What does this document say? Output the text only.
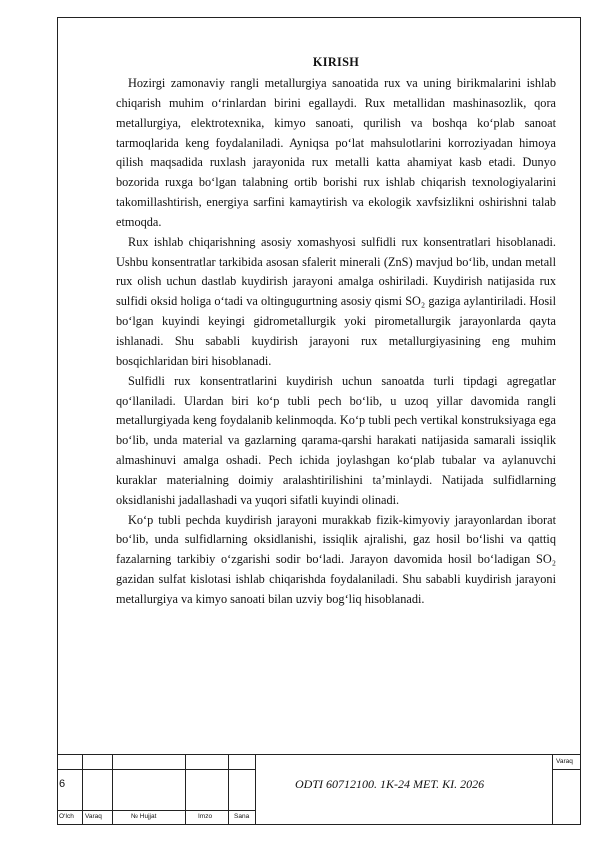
KIRISH

Hozirgi zamonaviy rangli metallurgiya sanoatida rux va uning birikmalarini ishlab chiqarish muhim o‘rinlardan birini egallaydi. Rux metallidan mashinasozlik, qora metallurgiya, elektrotexnika, kimyo sanoati, qurilish va boshqa ko‘plab sanoat tarmoqlarida keng foydalaniladi. Ayniqsa po‘lat mahsulotlarini korroziyadan himoya qilish maqsadida ruxlash jarayonida rux metalli katta ahamiyat kasb etadi. Dunyo bozorida ruxga bo‘lgan talabning ortib borishi rux ishlab chiqarish texnologiyalarini takomillashtirish, energiya sarfini kamaytirish va ekologik xavfsizlikni oshirishni talab etmoqda.

Rux ishlab chiqarishning asosiy xomashyosi sulfidli rux konsentratlari hisoblanadi. Ushbu konsentratlar tarkibida asosan sfalerit minerali (ZnS) mavjud bo‘lib, undan metall rux olish uchun dastlab kuydirish jarayoni amalga oshiriladi. Kuydirish natijasida rux sulfidi oksid holiga o‘tadi va oltingugurtning asosiy qismi SO₂ gaziga aylantiriladi. Hosil bo‘lgan kuyindi keyingi gidrometallurgik yoki pirometallurgik jarayonlarda qayta ishlanadi. Shu sababli kuydirish jarayoni rux metallurgiyasining eng muhim bosqichlaridan biri hisoblanadi.

Sulfidli rux konsentratlarini kuydirish uchun sanoatda turli tipdagi agregatlar qo‘llaniladi. Ulardan biri ko‘p tubli pech bo‘lib, u uzoq yillar davomida rangli metallurgiyada keng foydalanib kelinmoqda. Ko‘p tubli pech vertikal konstruksiyaga ega bo‘lib, unda material va gazlarning qarama-qarshi harakati natijasida samarali issiqlik almashinuvi amalga oshadi. Pech ichida joylashgan ko‘plab tubalar va aylanuvchi kuraklar materialning doimiy aralashtirilishini ta’minlaydi. Natijada sulfidlarning oksidlanishi jadallashadi va yuqori sifatli kuyindi olinadi.

Ko‘p tubli pechda kuydirish jarayoni murakkab fizik-kimyoviy jarayonlardan iborat bo‘lib, unda sulfidlarning oksidlanishi, issiqlik ajralishi, gaz hosil bo‘lishi va qattiq fazalarning tarkibiy o‘zgarishi sodir bo‘ladi. Jarayon davomida hosil bo‘ladigan SO₂ gazidan sulfat kislotasi ishlab chiqarishda foydalaniladi. Shu sababli kuydirish jarayoni metallurgiya va kimyo sanoati bilan uzviy bog‘liq hisoblanadi.

6	ODTI 60712100. 1K-24 MET. KI. 2026
Varaq
O‘lch Varaq	№ Hujjat	Imzo	Sana
